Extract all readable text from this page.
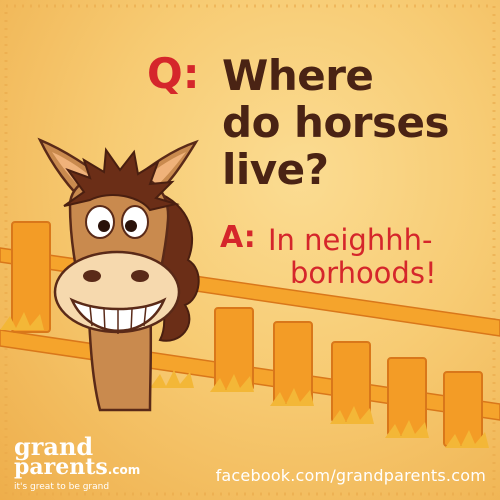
Q: Where
do horses
live?
A: In neighhh-
borhoods!
grand
parents.com
it's great to be grand
facebook.com/grandparents.com
